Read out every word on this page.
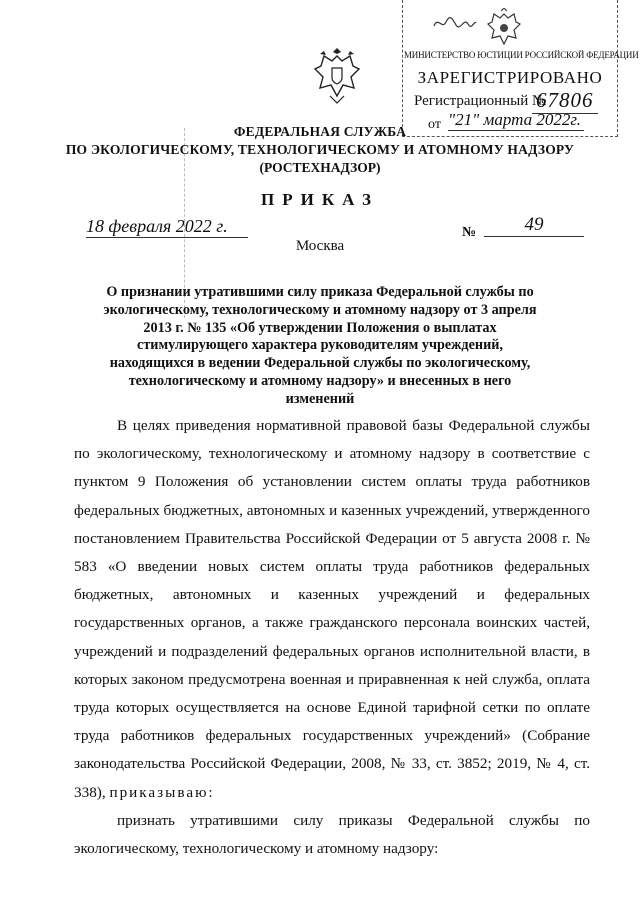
МИНИСТЕРСТВО ЮСТИЦИИ РОССИЙСКОЙ ФЕДЕРАЦИИ
ЗАРЕГИСТРИРОВАНО
Регистрационный №
67806
от "21" марта 2022г.
ФЕДЕРАЛЬНАЯ СЛУЖБА
ПО ЭКОЛОГИЧЕСКОМУ, ТЕХНОЛОГИЧЕСКОМУ И АТОМНОМУ НАДЗОРУ
(РОСТЕХНАДЗОР)
ПРИКАЗ
18 февраля 2022 г.	№	49
Москва
О признании утратившими силу приказа Федеральной службы по экологическому, технологическому и атомному надзору от 3 апреля 2013 г. № 135 «Об утверждении Положения о выплатах стимулирующего характера руководителям учреждений, находящихся в ведении Федеральной службы по экологическому, технологическому и атомному надзору» и внесенных в него изменений

В целях приведения нормативной правовой базы Федеральной службы по экологическому, технологическому и атомному надзору в соответствие с пунктом 9 Положения об установлении систем оплаты труда работников федеральных бюджетных, автономных и казенных учреждений, утвержденного постановлением Правительства Российской Федерации от 5 августа 2008 г. № 583 «О введении новых систем оплаты труда работников федеральных бюджетных, автономных и казенных учреждений и федеральных государственных органов, а также гражданского персонала воинских частей, учреждений и подразделений федеральных органов исполнительной власти, в которых законом предусмотрена военная и приравненная к ней служба, оплата труда которых осуществляется на основе Единой тарифной сетки по оплате труда работников федеральных государственных учреждений» (Собрание законодательства Российской Федерации, 2008, № 33, ст. 3852; 2019, № 4, ст. 338), приказываю:

признать утратившими силу приказы Федеральной службы по экологическому, технологическому и атомному надзору:
